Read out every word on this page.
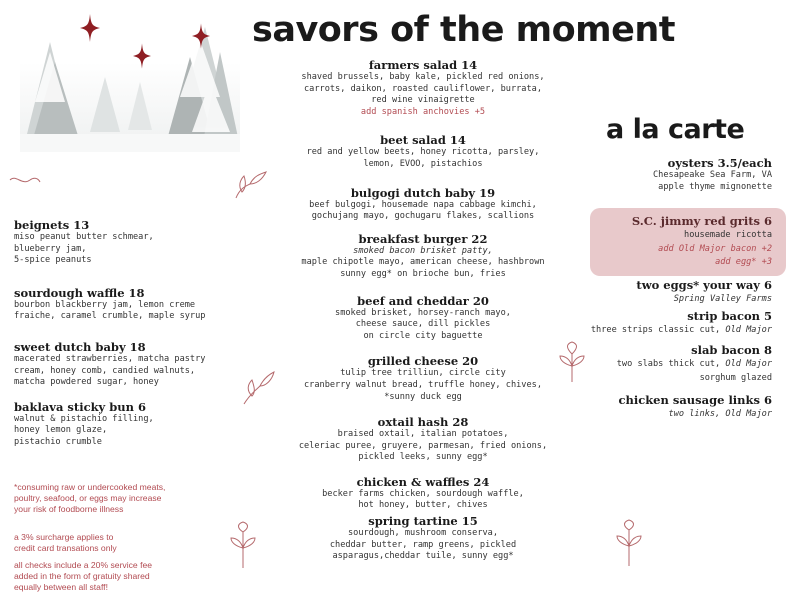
savors of the moment
a la carte
beignets 13
miso peanut butter schmear,
blueberry jam,
5-spice peanuts
sourdough waffle 18
bourbon blackberry jam, lemon creme
fraiche, caramel crumble, maple syrup
sweet dutch baby 18
macerated strawberries, matcha pastry
cream, honey comb, candied walnuts,
matcha powdered sugar, honey
baklava sticky bun 6
walnut & pistachio filling,
honey lemon glaze,
pistachio crumble
*consuming raw or undercooked meats,
poultry, seafood, or eggs may increase
your risk of foodborne illness
a 3% surcharge applies to
credit card transations only
all checks include a 20% service fee
added in the form of gratuity shared
equally between all staff!
farmers salad 14
shaved brussels, baby kale, pickled red onions,
carrots, daikon, roasted cauliflower, burrata,
red wine vinaigrette
add spanish anchovies +5
beet salad 14
red and yellow beets, honey ricotta, parsley,
lemon, EVOO, pistachios
bulgogi dutch baby 19
beef bulgogi, housemade napa cabbage kimchi,
gochujang mayo, gochugaru flakes, scallions
breakfast burger 22
smoked bacon brisket patty,
maple chipotle mayo, american cheese, hashbrown
sunny egg* on brioche bun, fries
beef and cheddar 20
smoked brisket, horsey-ranch mayo,
cheese sauce, dill pickles
on circle city baguette
grilled cheese 20
tulip tree trilliun, circle city
cranberry walnut bread, truffle honey, chives,
*sunny duck egg
oxtail hash 28
braised oxtail, italian potatoes,
celeriac puree, gruyere, parmesan, fried onions,
pickled leeks, sunny egg*
chicken & waffles 24
becker farms chicken, sourdough waffle,
hot honey, butter, chives
spring tartine 15
sourdough, mushroom conserva,
cheddar butter, ramp greens, pickled
asparagus,cheddar tuile, sunny egg*
oysters 3.5/each
Chesapeake Sea Farm, VA
apple thyme mignonette
S.C. jimmy red grits 6
housemade ricotta
add Old Major bacon +2
add egg* +3
two eggs* your way 6
Spring Valley Farms
strip bacon 5
three strips classic cut, Old Major
slab bacon 8
two slabs thick cut, Old Major
sorghum glazed
chicken sausage links 6
two links, Old Major
